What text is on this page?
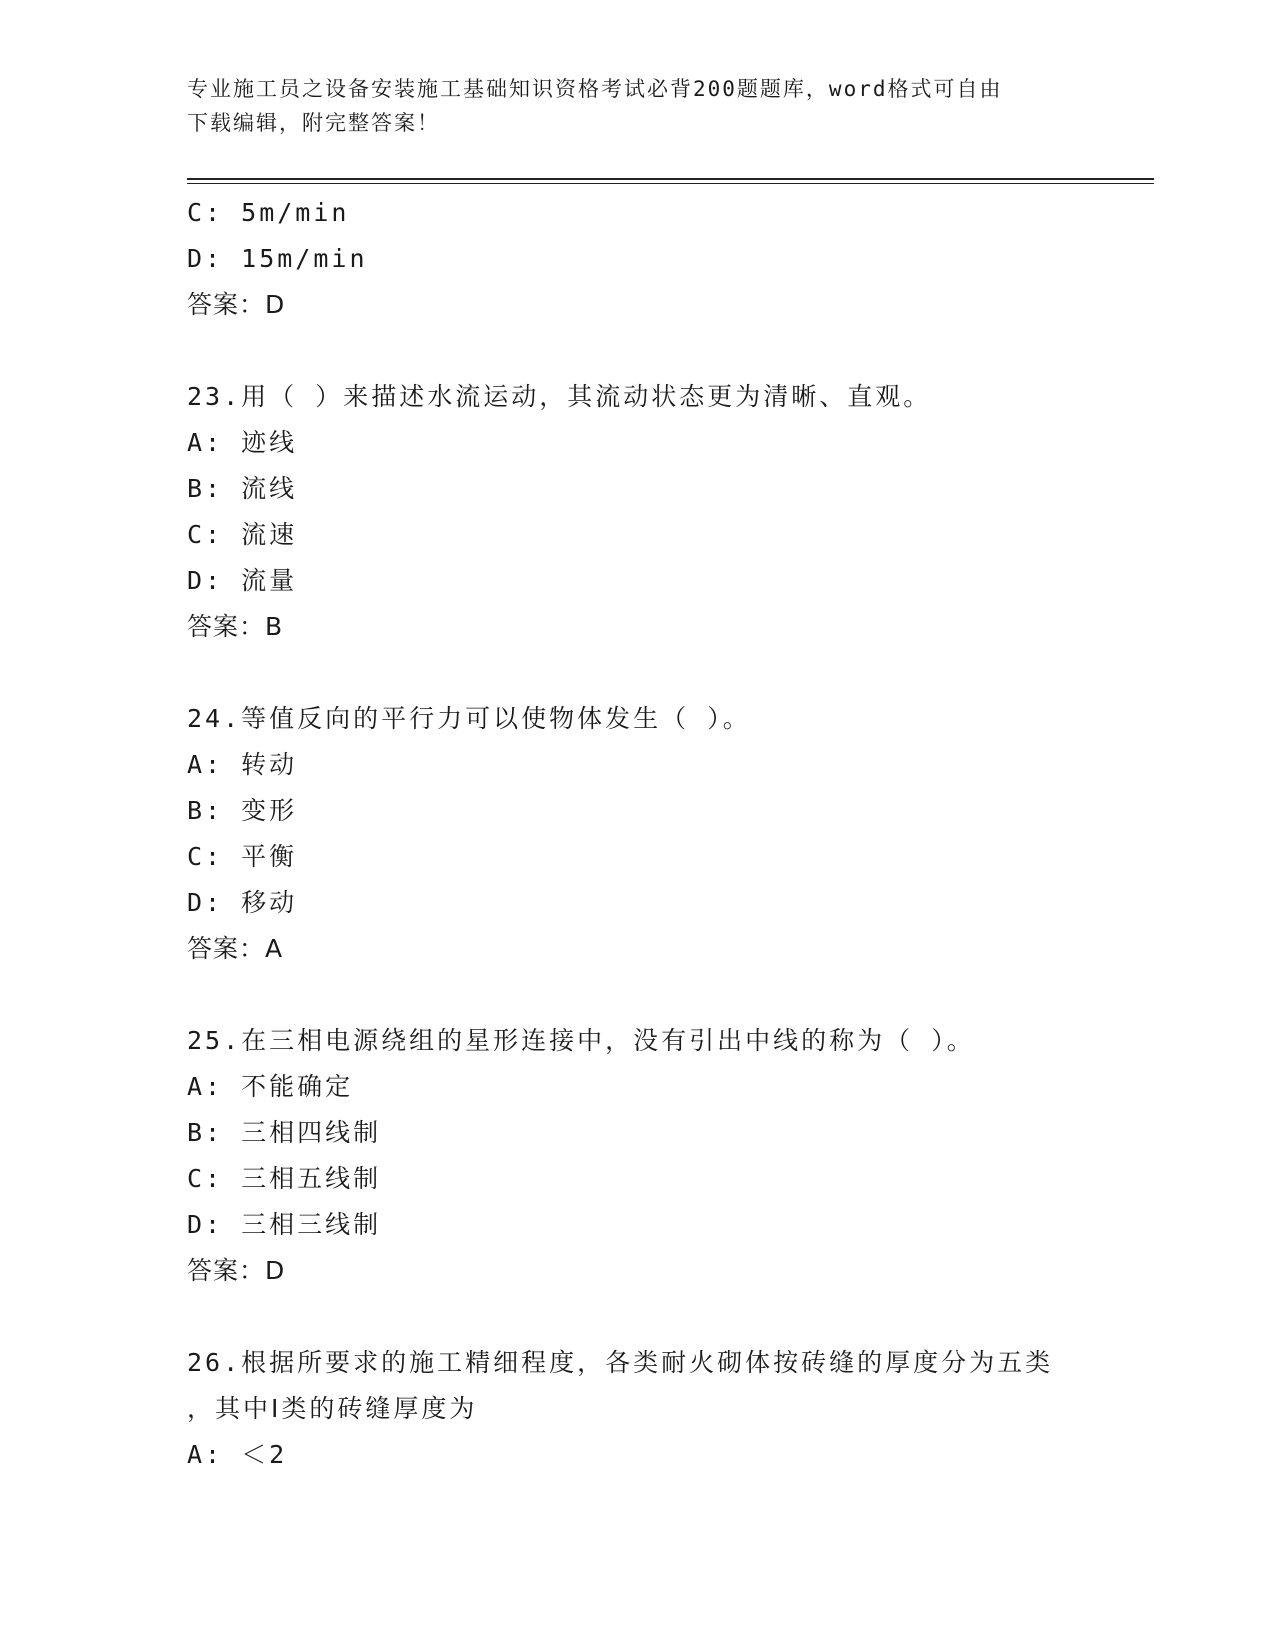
专业施工员之设备安装施工基础知识资格考试必背200题题库，word格式可自由
下载编辑，附完整答案！
C: 5m/min
D: 15m/min
答案：D
23.用（ ）来描述水流运动，其流动状态更为清晰、直观。
A: 迹线
B: 流线
C: 流速
D: 流量
答案：B
24.等值反向的平行力可以使物体发生（ ）。
A: 转动
B: 变形
C: 平衡
D: 移动
答案：A
25.在三相电源绕组的星形连接中，没有引出中线的称为（ ）。
A: 不能确定
B: 三相四线制
C: 三相五线制
D: 三相三线制
答案：D
26.根据所要求的施工精细程度，各类耐火砌体按砖缝的厚度分为五类
，其中Ⅰ类的砖缝厚度为
A: ＜2
